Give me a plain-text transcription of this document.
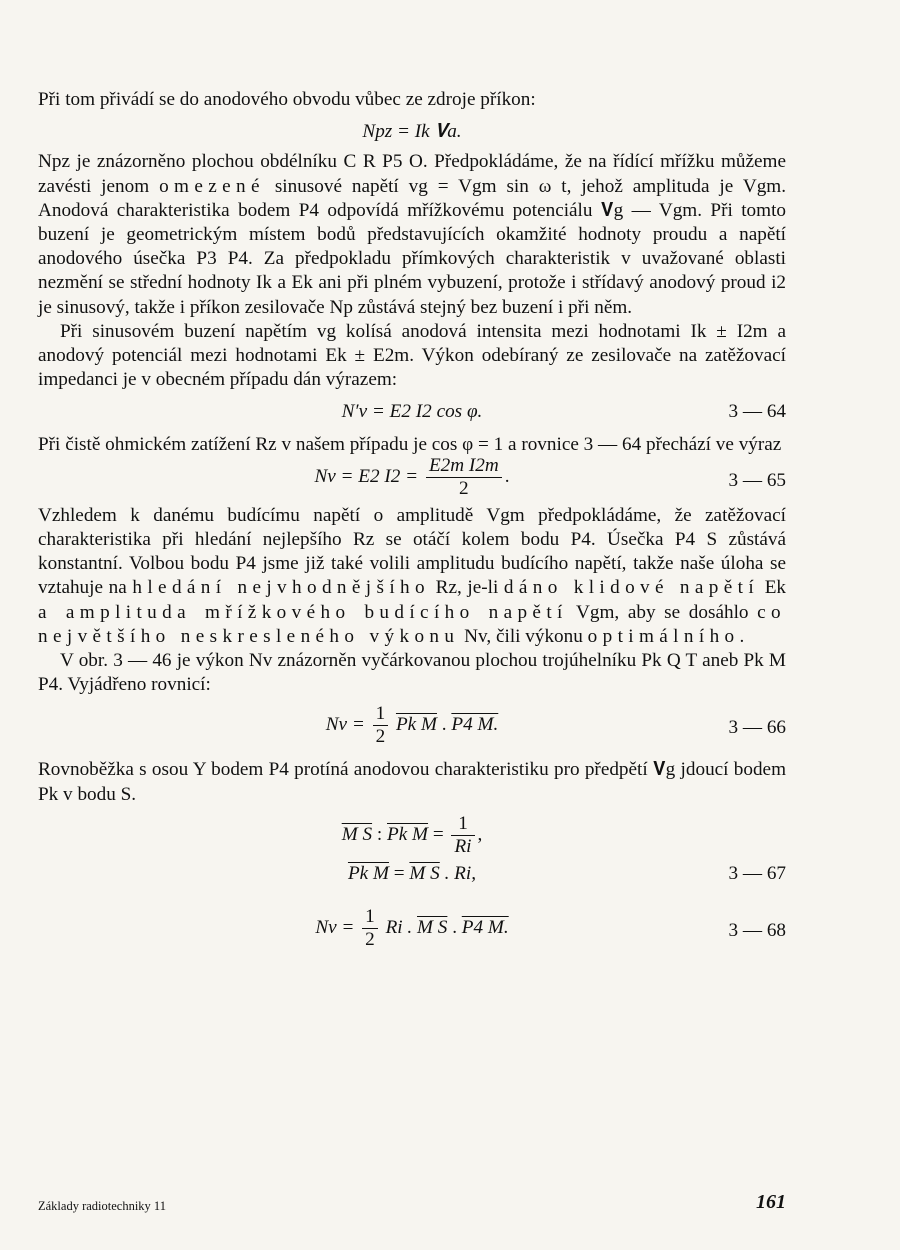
Při tom přivádí se do anodového obvodu vůbec ze zdroje příkon:

Npz = Ik 𝐕a.

Npz je znázorněno plochou obdélníku C R P5 O. Předpokládáme, že na řídící mřížku můžeme zavésti jenom omezené sinusové napětí vg = Vgm sin ω t, jehož amplituda je Vgm. Anodová charakteristika bodem P4 odpovídá mřížkovému potenciálu 𝐕g — Vgm. Při tomto buzení je geometrickým místem bodů představujících okamžité hodnoty proudu a napětí anodového úsečka P3 P4. Za předpokladu přímkových charakteristik v uvažované oblasti nezmění se střední hodnoty Ik a Ek ani při plném vybuzení, protože i střídavý anodový proud i2 je sinusový, takže i příkon zesilovače Np zůstává stejný bez buzení i při něm.

Při sinusovém buzení napětím vg kolísá anodová intensita mezi hodnotami Ik ± I2m a anodový potenciál mezi hodnotami Ek ± E2m. Výkon odebíraný ze zesilovače na zatěžovací impedanci je v obecném případu dán výrazem:

N′v = E2 I2 cos φ.	3 — 64

Při čistě ohmickém zatížení Rz v našem případu je cos φ = 1 a rovnice 3 — 64 přechází ve výraz

Nv = E2 $I2 = \frac{\text{E2m I2m}}{2}$ .	3 — 65

Vzhledem k danému budícímu napětí o amplitudě Vgm předpokládáme, že zatěžovací charakteristika při hledání nejlepšího Rz se otáčí kolem bodu P4. Úsečka P4 S zůstává konstantní. Volbou bodu P4 jsme již také volili amplitudu budícího napětí, takže naše úloha se vztahuje na hledání nejvhodnějšího Rz, je-li dáno klidové napětí Ek a amplituda mřížkového budícího napětí Vgm, aby se dosáhlo co největšího neskresleného výkonu Nv, čili výkonu optimálního.

V obr. 3 — 46 je výkon Nv znázorněn vyčárkovanou plochou trojúhelníku Pk Q T aneb Pk M P4. Vyjádřeno rovnicí:

$Nv = \frac{1}{2}$ Pk M . P4 M.	3 — 66

Rovnoběžka s osou Y bodem P4 protíná anodovou charakteristiku pro předpětí 𝐕g jdoucí bodem Pk v bodu S.

M S : Pk $M = \frac{1}{Ri}$ ,
Pk M = M S . Ri,	3 — 67
$Nv = \frac{1}{2}$ Ri . M S . P4 M.	3 — 68
Základy radiotechniky 11	161
